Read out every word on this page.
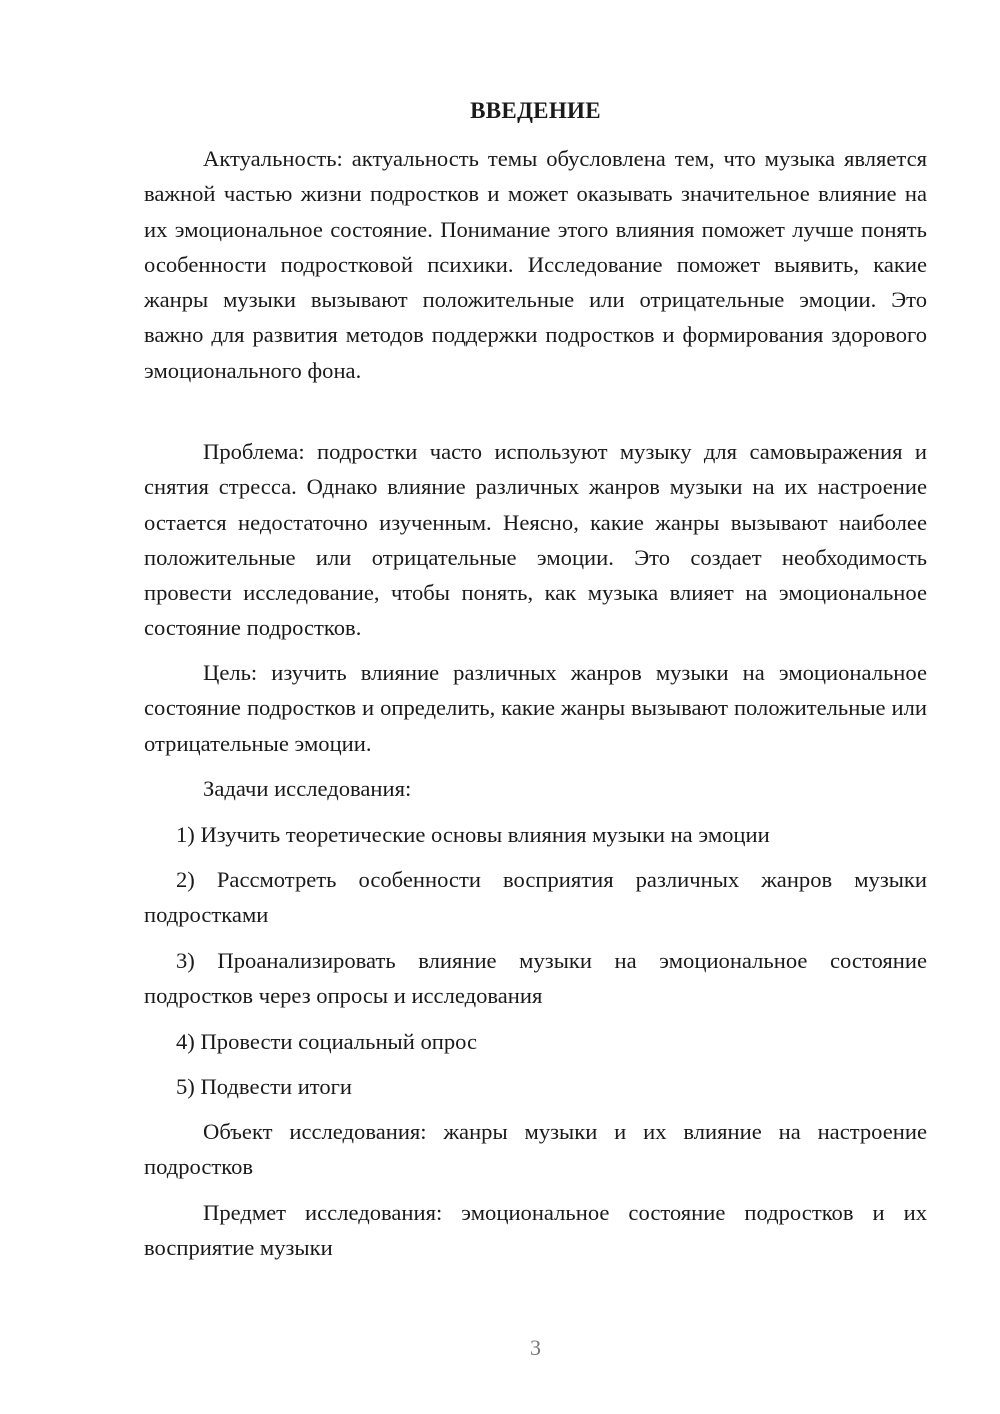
ВВЕДЕНИЕ

Актуальность: актуальность темы обусловлена тем, что музыка является важной частью жизни подростков и может оказывать значительное влияние на их эмоциональное состояние. Понимание этого влияния поможет лучше понять особенности подростковой психики. Исследование поможет выявить, какие жанры музыки вызывают положительные или отрицательные эмоции. Это важно для развития методов поддержки подростков и формирования здорового эмоционального фона.

Проблема: подростки часто используют музыку для самовыражения и снятия стресса. Однако влияние различных жанров музыки на их настроение остается недостаточно изученным. Неясно, какие жанры вызывают наиболее положительные или отрицательные эмоции. Это создает необходимость провести исследование, чтобы понять, как музыка влияет на эмоциональное состояние подростков.

Цель: изучить влияние различных жанров музыки на эмоциональное состояние подростков и определить, какие жанры вызывают положительные или отрицательные эмоции.

Задачи исследования:

1) Изучить теоретические основы влияния музыки на эмоции

2) Рассмотреть особенности восприятия различных жанров музыки подростками

3) Проанализировать влияние музыки на эмоциональное состояние подростков через опросы и исследования

4) Провести социальный опрос

5) Подвести итоги

Объект исследования: жанры музыки и их влияние на настроение подростков

Предмет исследования: эмоциональное состояние подростков и их восприятие музыки

3
